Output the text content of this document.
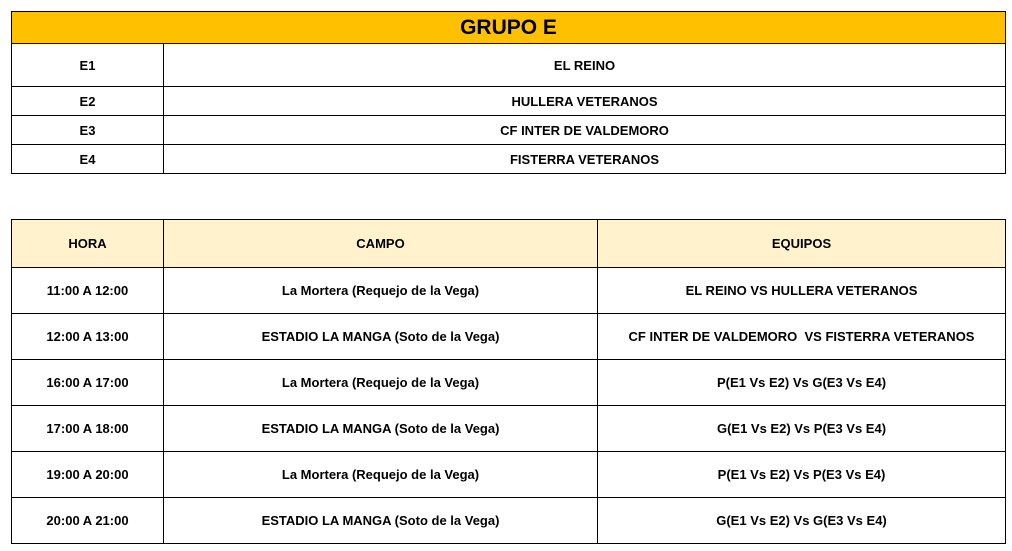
GRUPO E	
E1	EL REINO
E2	HULLERA VETERANOS
E3	CF INTER DE VALDEMORO
E4	FISTERRA VETERANOS
HORA	CAMPO	EQUIPOS
11:00 A 12:00	La Mortera (Requejo de la Vega)	EL REINO VS HULLERA VETERANOS
12:00 A 13:00	ESTADIO LA MANGA (Soto de la Vega)	CF INTER DE VALDEMORO  VS FISTERRA VETERANOS
16:00 A 17:00	La Mortera (Requejo de la Vega)	P(E1 Vs E2) Vs G(E3 Vs E4)
17:00 A 18:00	ESTADIO LA MANGA (Soto de la Vega)	G(E1 Vs E2) Vs P(E3 Vs E4)
19:00 A 20:00	La Mortera (Requejo de la Vega)	P(E1 Vs E2) Vs P(E3 Vs E4)
20:00 A 21:00	ESTADIO LA MANGA (Soto de la Vega)	G(E1 Vs E2) Vs G(E3 Vs E4)
